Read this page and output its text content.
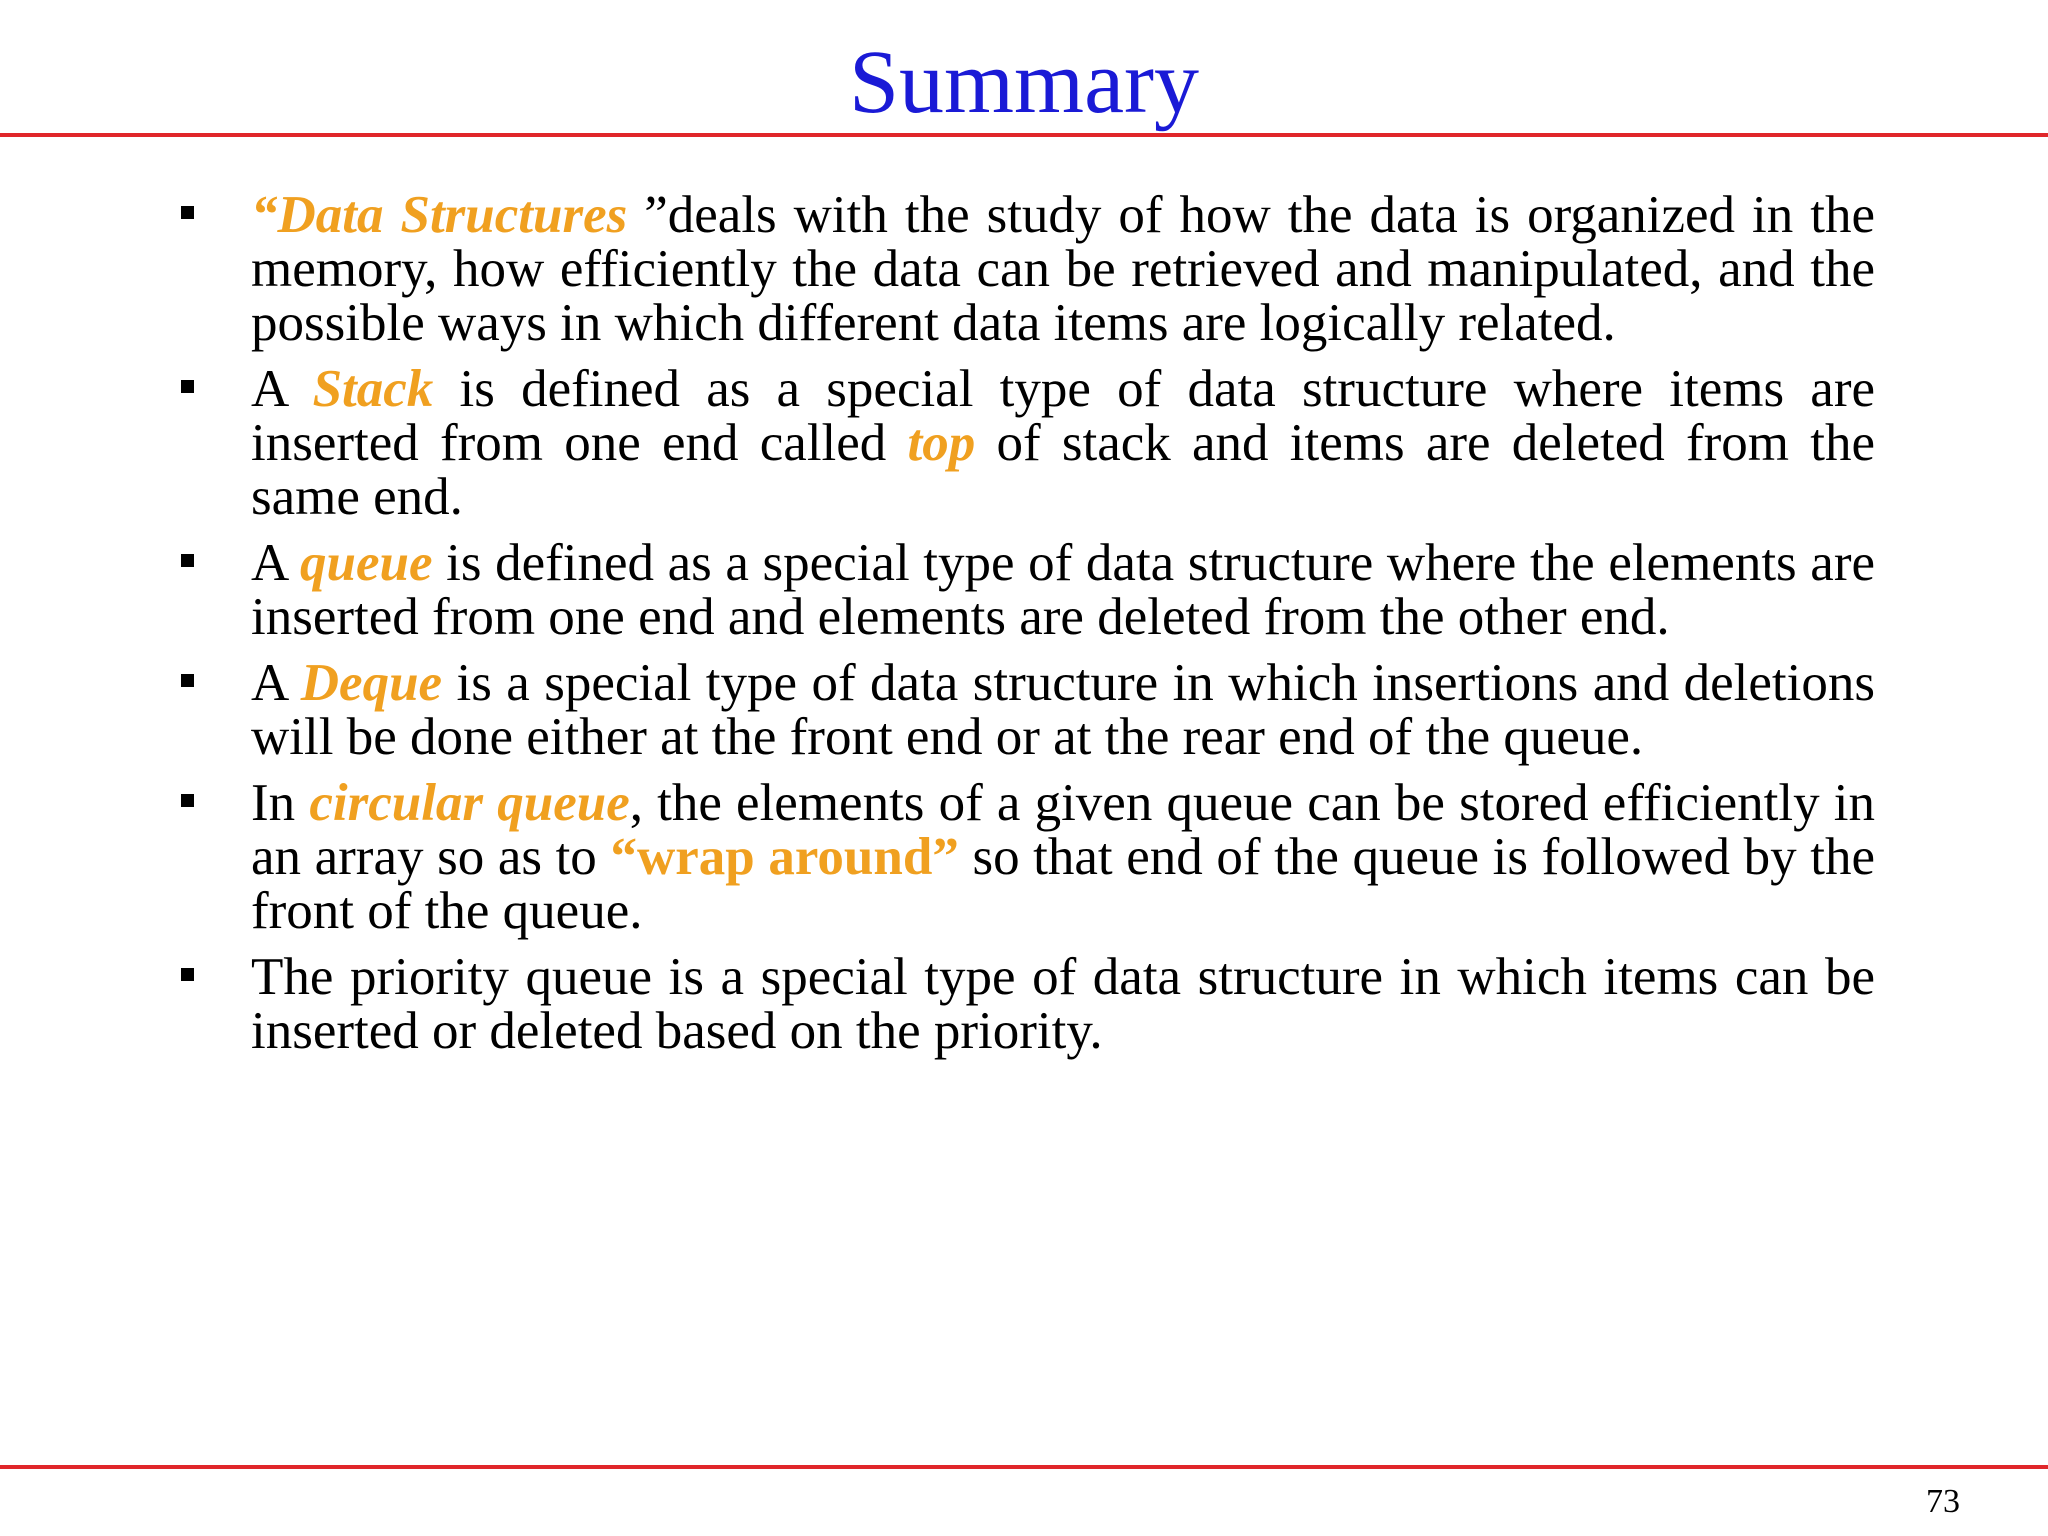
Summary
“Data Structures ”deals with the study of how the data is organized in the memory, how efficiently the data can be retrieved and manipulated, and the possible ways in which different data items are logically related.
A Stack is defined as a special type of data structure where items are inserted from one end called top of stack and items are deleted from the same end.
A queue is defined as a special type of data structure where the elements are inserted from one end and elements are deleted from the other end.
A Deque is a special type of data structure in which insertions and deletions will be done either at the front end or at the rear end of the queue.
In circular queue, the elements of a given queue can be stored efficiently in an array so as to “wrap around” so that end of the queue is followed by the front of the queue.
The priority queue is a special type of data structure in which items can be inserted or deleted based on the priority.
73
